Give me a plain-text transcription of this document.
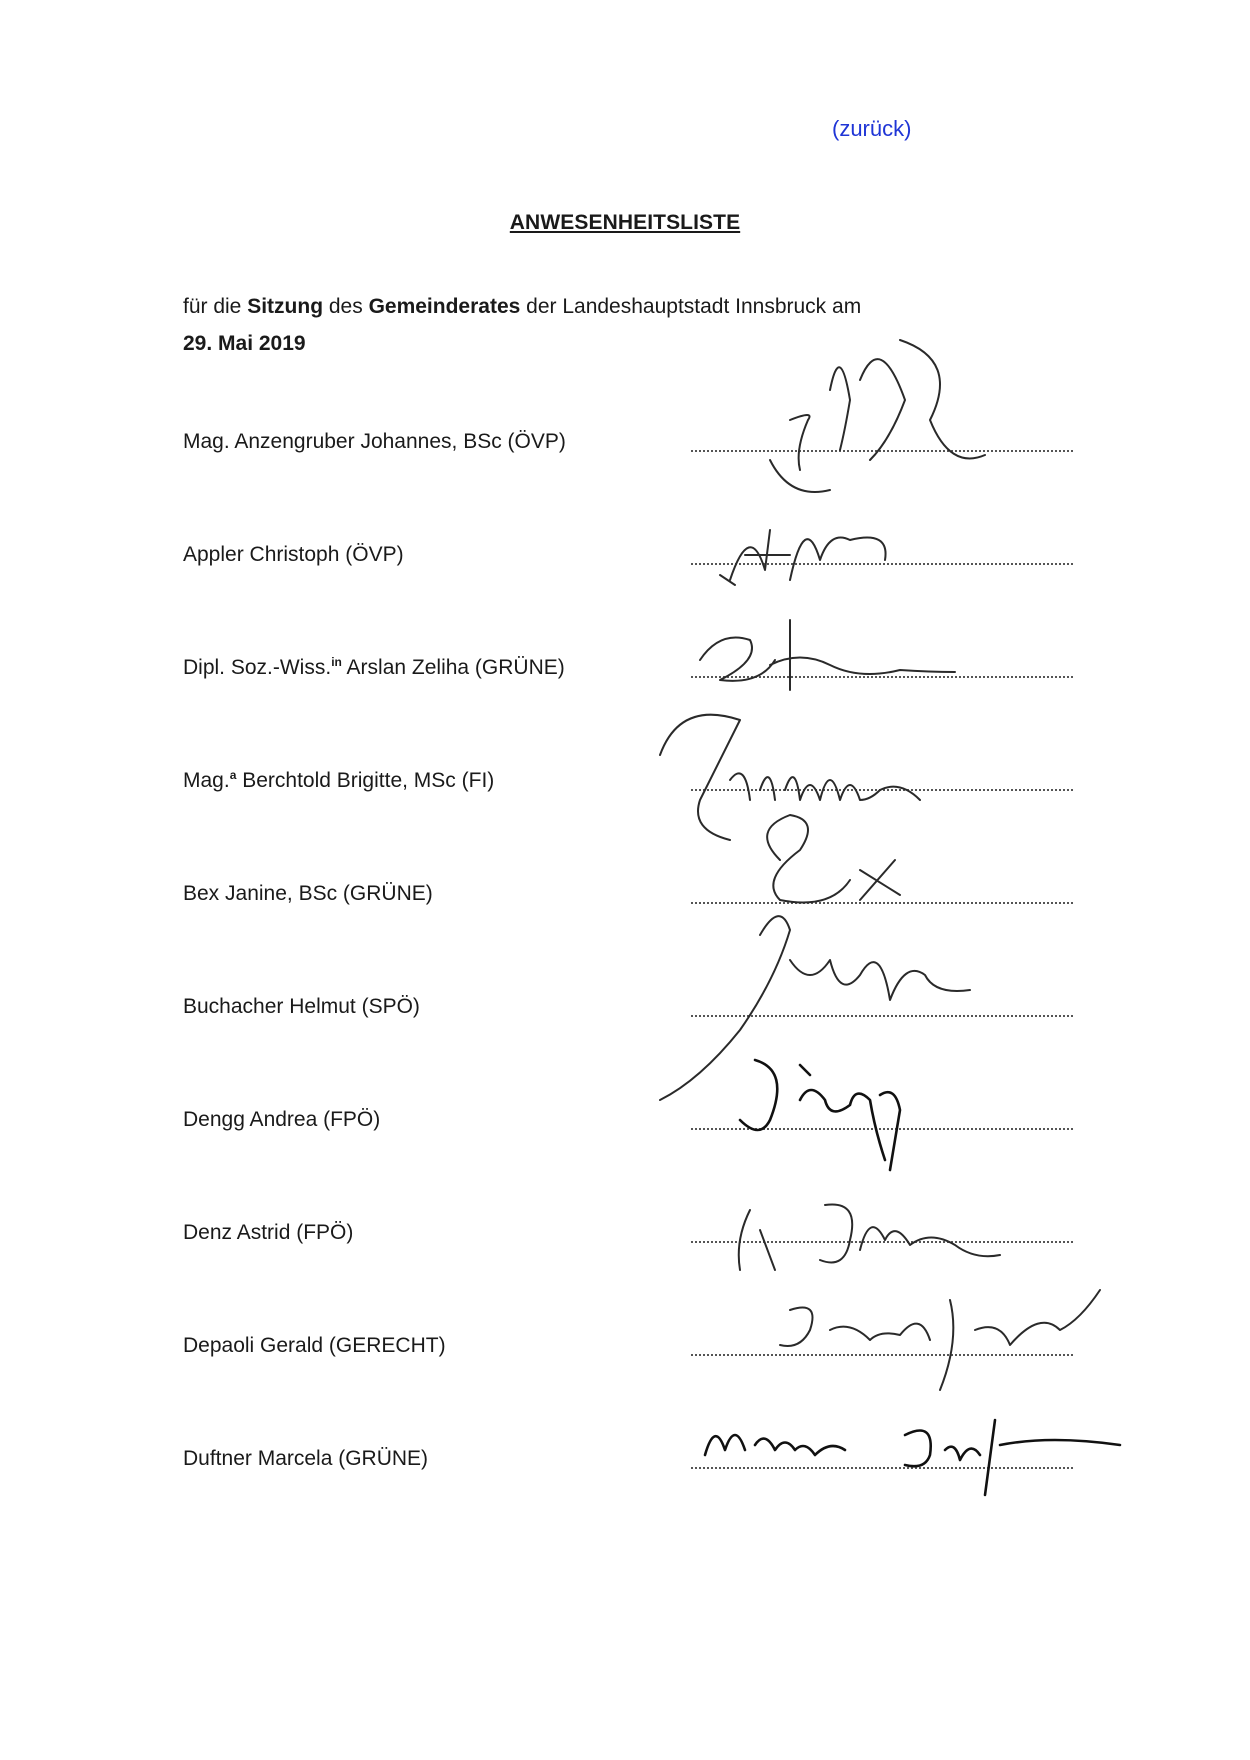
(zurück)
ANWESENHEITSLISTE
für die Sitzung des Gemeinderates der Landeshauptstadt Innsbruck am
29. Mai 2019
Mag. Anzengruber Johannes, BSc (ÖVP)
Appler Christoph (ÖVP)
Dipl. Soz.-Wiss.$^{in}$ Arslan Zeliha (GRÜNE)
Mag.$^a$ Berchtold Brigitte, MSc (FI)
Bex Janine, BSc (GRÜNE)
Buchacher Helmut (SPÖ)
Dengg Andrea (FPÖ)
Denz Astrid (FPÖ)
Depaoli Gerald (GERECHT)
Duftner Marcela (GRÜNE)
